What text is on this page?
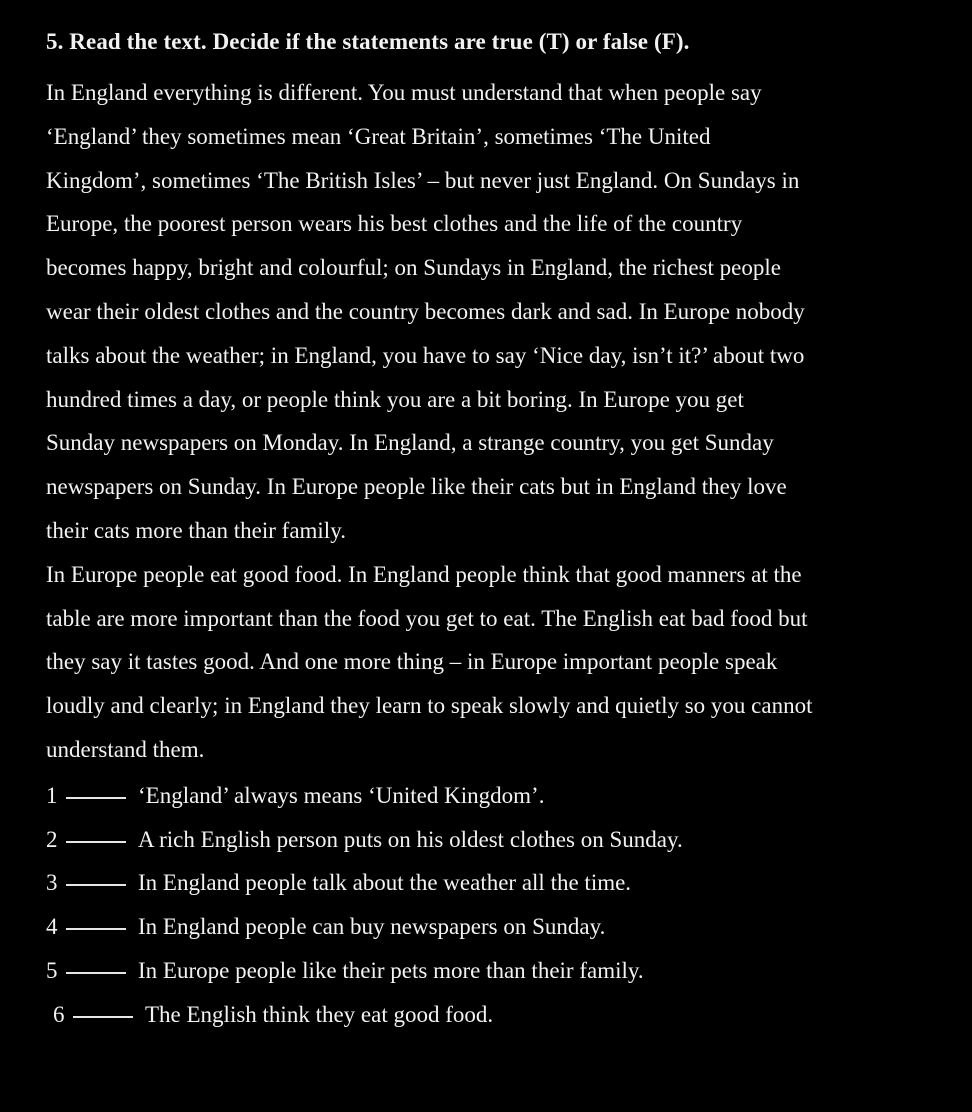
5. Read the text. Decide if the statements are true (T) or false (F).

In England everything is different. You must understand that when people say
‘England’ they sometimes mean ‘Great Britain’, sometimes ‘The United
Kingdom’, sometimes ‘The British Isles’ – but never just England. On Sundays in
Europe, the poorest person wears his best clothes and the life of the country
becomes happy, bright and colourful; on Sundays in England, the richest people
wear their oldest clothes and the country becomes dark and sad. In Europe nobody
talks about the weather; in England, you have to say ‘Nice day, isn’t it?’ about two
hundred times a day, or people think you are a bit boring. In Europe you get
Sunday newspapers on Monday. In England, a strange country, you get Sunday
newspapers on Sunday. In Europe people like their cats but in England they love
their cats more than their family.

In Europe people eat good food. In England people think that good manners at the
table are more important than the food you get to eat. The English eat bad food but
they say it tastes good. And one more thing – in Europe important people speak
loudly and clearly; in England they learn to speak slowly and quietly so you cannot
understand them.

1	‘England’ always means ‘United Kingdom’.
2	A rich English person puts on his oldest clothes on Sunday.
3	In England people talk about the weather all the time.
4	In England people can buy newspapers on Sunday.
5	In Europe people like their pets more than their family.
6	The English think they eat good food.
